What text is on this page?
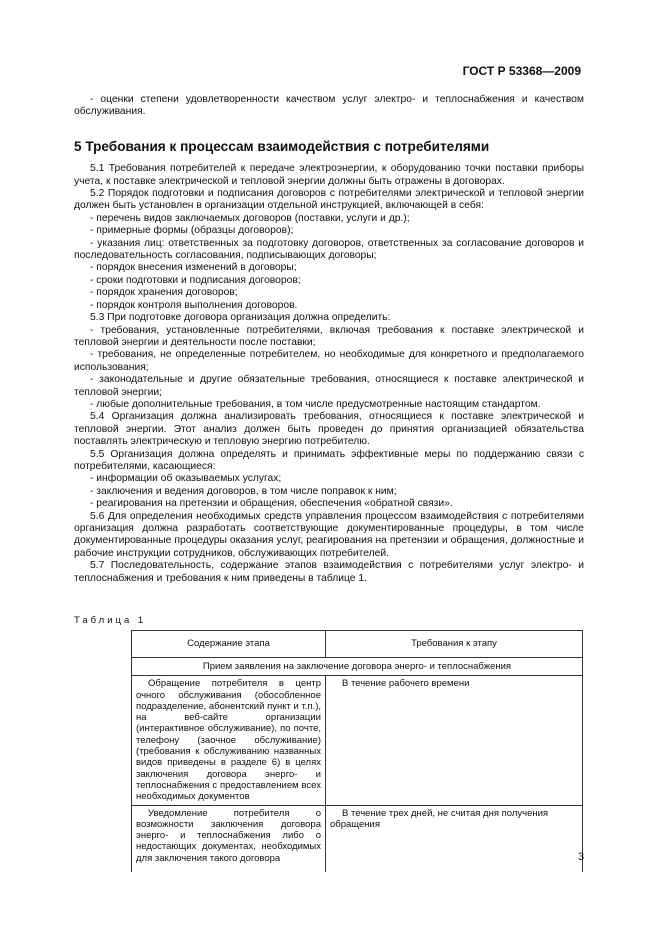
ГОСТ Р 53368—2009

- оценки степени удовлетворенности качеством услуг электро- и теплоснабжения и качеством обслуживания.

5 Требования к процессам взаимодействия с потребителями

5.1 Требования потребителей к передаче электроэнергии, к оборудованию точки поставки приборы учета, к поставке электрической и тепловой энергии должны быть отражены в договорах.

5.2 Порядок подготовки и подписания договоров с потребителями электрической и тепловой энергии должен быть установлен в организации отдельной инструкцией, включающей в себя:

- перечень видов заключаемых договоров (поставки, услуги и др.);

- примерные формы (образцы договоров);

- указания лиц: ответственных за подготовку договоров, ответственных за согласование договоров и последовательность согласования, подписывающих договоры;

- порядок внесения изменений в договоры;

- сроки подготовки и подписания договоров;

- порядок хранения договоров;

- порядок контроля выполнения договоров.

5.3 При подготовке договора организация должна определить:

- требования, установленные потребителями, включая требования к поставке электрической и тепловой энергии и деятельности после поставки;

- требования, не определенные потребителем, но необходимые для конкретного и предполагаемого использования;

- законодательные и другие обязательные требования, относящиеся к поставке электрической и тепловой энергии;

- любые дополнительные требования, в том числе предусмотренные настоящим стандартом.

5.4 Организация должна анализировать требования, относящиеся к поставке электрической и тепловой энергии. Этот анализ должен быть проведен до принятия организацией обязательства поставлять электрическую и тепловую энергию потребителю.

5.5 Организация должна определять и принимать эффективные меры по поддержанию связи с потребителями, касающиеся:

- информации об оказываемых услугах;

- заключения и ведения договоров, в том числе поправок к ним;

- реагирования на претензии и обращения, обеспечения «обратной связи».

5.6 Для определения необходимых средств управления процессом взаимодействия с потребителями организация должна разработать соответствующие документированные процедуры, в том числе документированные процедуры оказания услуг, реагирования на претензии и обращения, должностные и рабочие инструкции сотрудников, обслуживающих потребителей.

5.7 Последовательность, содержание этапов взаимодействия с потребителями услуг электро- и теплоснабжения и требования к ним приведены в таблице 1.

Таблица 1
Содержание этапа	Требования к этапу
Прием заявления на заключение договора энерго- и теплоснабжения	
Обращение потребителя в центр очного обслуживания (обособленное подразделение, абонентский пункт и т.п.), на веб-сайте организации (интерактивное обслуживание), по почте, телефону (заочное обслуживание) (требования к обслуживанию названных видов приведены в разделе 6) в целях заключения договора энерго- и теплоснабжения с предоставлением всех необходимых документов	В течение рабочего времени
Уведомление потребителя о возможности заключения договора энерго- и теплоснабжения либо о недостающих документах, необходимых для заключения такого договора	В течение трех дней, не считая дня получения обращения
3
